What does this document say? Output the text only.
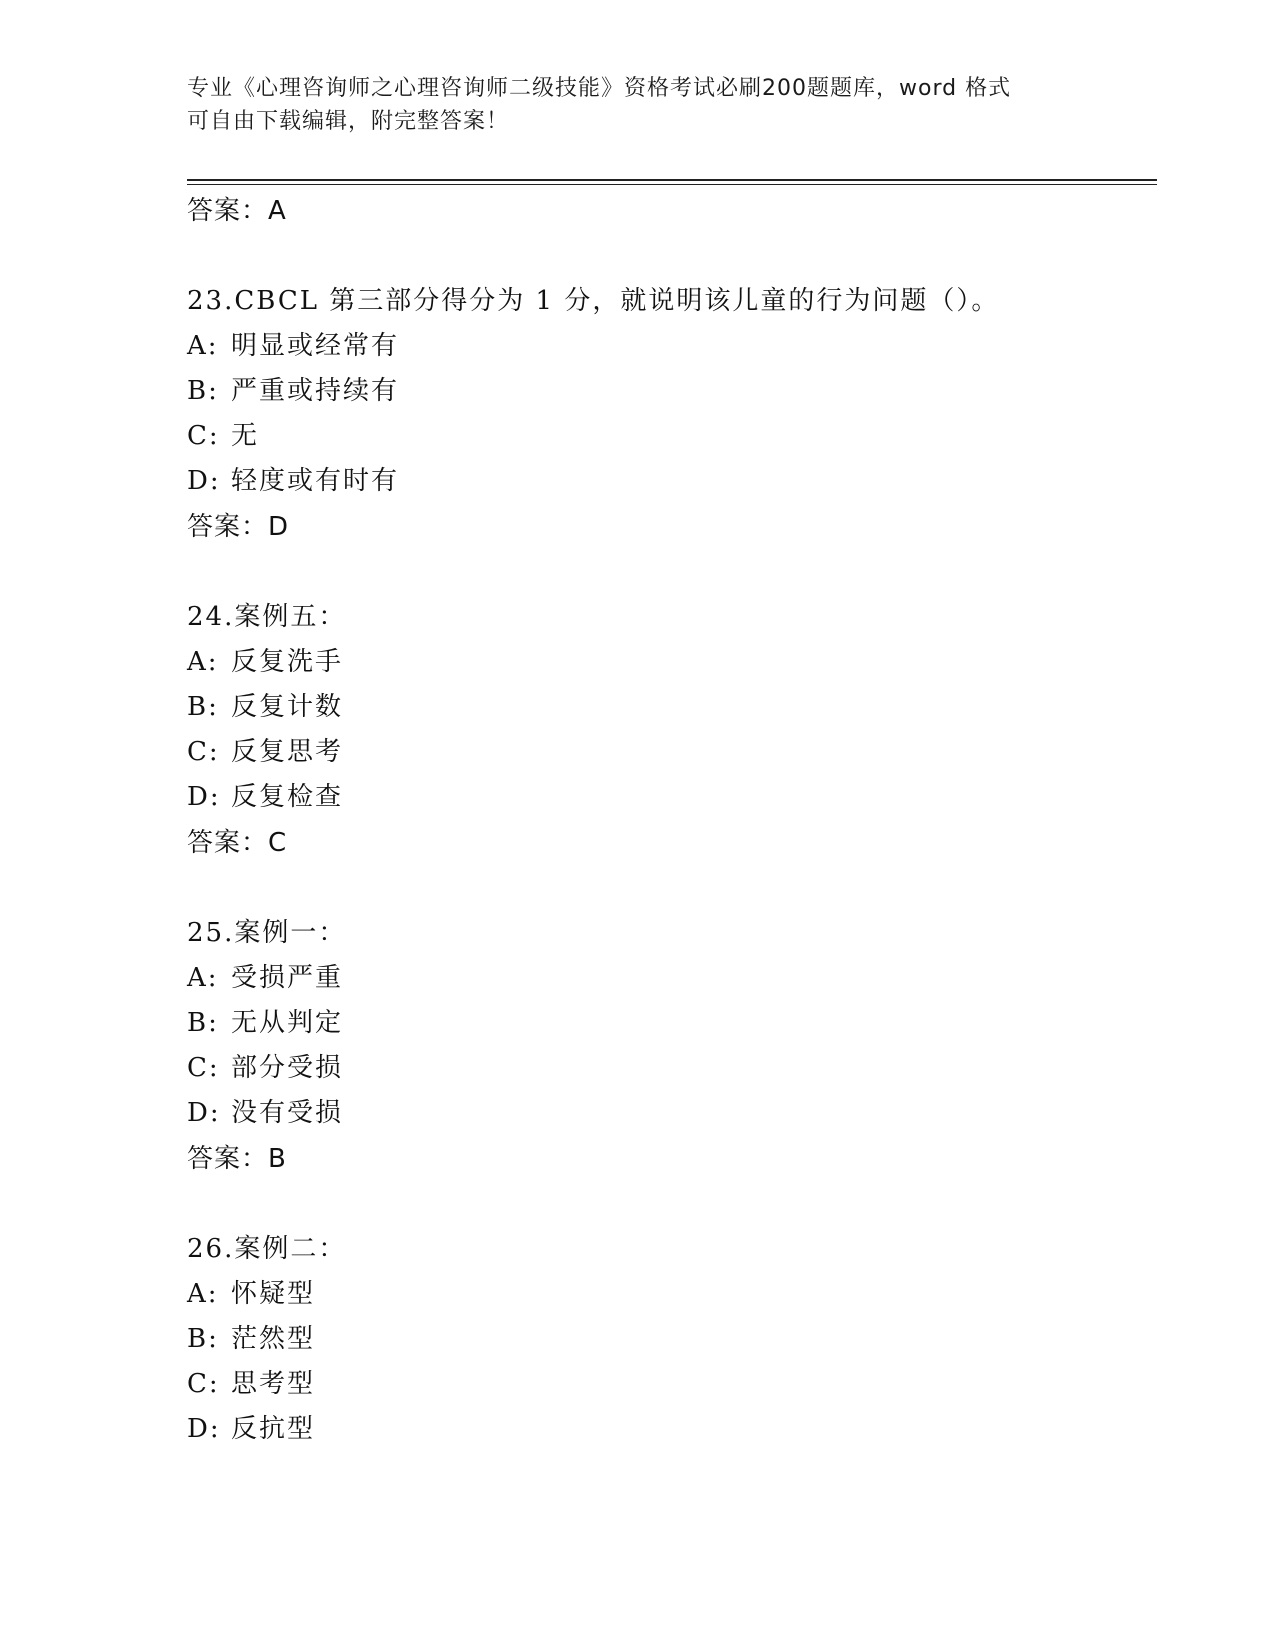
专业《心理咨询师之心理咨询师二级技能》资格考试必刷200题题库，word 格式
可自由下载编辑，附完整答案！
答案：A
23.CBCL 第三部分得分为 1 分，就说明该儿童的行为问题（）。
A: 明显或经常有
B: 严重或持续有
C: 无
D: 轻度或有时有
答案：D
24.案例五：
A: 反复洗手
B: 反复计数
C: 反复思考
D: 反复检查
答案：C
25.案例一：
A: 受损严重
B: 无从判定
C: 部分受损
D: 没有受损
答案：B
26.案例二：
A: 怀疑型
B: 茫然型
C: 思考型
D: 反抗型
